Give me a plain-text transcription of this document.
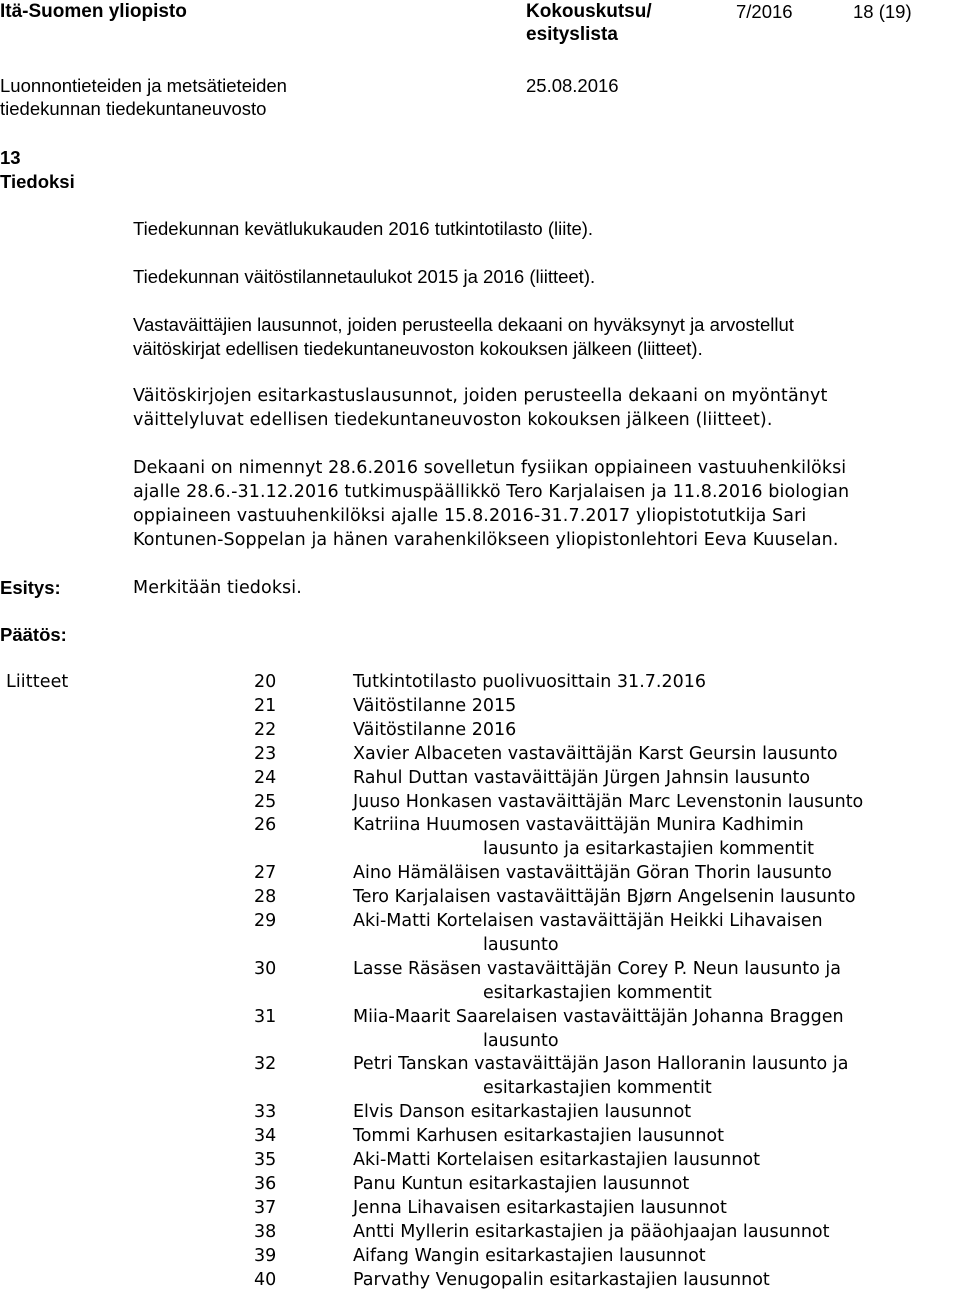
Itä-Suomen yliopisto	Kokouskutsu/
esityslista
7/2016	18 (19)
Luonnontieteiden ja metsätieteiden
tiedekunnan tiedekuntaneuvosto
25.08.2016
13
Tiedoksi
Tiedekunnan kevätlukukauden 2016 tutkintotilasto (liite).
Tiedekunnan väitöstilannetaulukot 2015 ja 2016 (liitteet).
Vastaväittäjien lausunnot, joiden perusteella dekaani on hyväksynyt ja arvostellut
väitöskirjat edellisen tiedekuntaneuvoston kokouksen jälkeen (liitteet).
Väitöskirjojen esitarkastuslausunnot, joiden perusteella dekaani on myöntänyt
väittelyluvat edellisen tiedekuntaneuvoston kokouksen jälkeen (liitteet).
Dekaani on nimennyt 28.6.2016 sovelletun fysiikan oppiaineen vastuuhenkilöksi
ajalle 28.6.-31.12.2016 tutkimuspäällikkö Tero Karjalaisen ja 11.8.2016 biologian
oppiaineen vastuuhenkilöksi ajalle 15.8.2016-31.7.2017 yliopistotutkija Sari
Kontunen-Soppelan ja hänen varahenkilökseen yliopistonlehtori Eeva Kuuselan.
Esitys:	Merkitään tiedoksi.
Päätös:
Liitteet	20	Tutkintotilasto puolivuosittain 31.7.2016
21	Väitöstilanne 2015
22	Väitöstilanne 2016
23	Xavier Albaceten vastaväittäjän Karst Geursin lausunto
24	Rahul Duttan vastaväittäjän Jürgen Jahnsin lausunto
25	Juuso Honkasen vastaväittäjän Marc Levenstonin lausunto
26	Katriina Huumosen vastaväittäjän Munira Kadhimin
lausunto ja esitarkastajien kommentit
27	Aino Hämäläisen vastaväittäjän Göran Thorin lausunto
28	Tero Karjalaisen vastaväittäjän Bjørn Angelsenin lausunto
29	Aki-Matti Kortelaisen vastaväittäjän Heikki Lihavaisen
lausunto
30	Lasse Räsäsen vastaväittäjän Corey P. Neun lausunto ja
esitarkastajien kommentit
31	Miia-Maarit Saarelaisen vastaväittäjän Johanna Braggen
lausunto
32	Petri Tanskan vastaväittäjän Jason Halloranin lausunto ja
esitarkastajien kommentit
33	Elvis Danson esitarkastajien lausunnot
34	Tommi Karhusen esitarkastajien lausunnot
35	Aki-Matti Kortelaisen esitarkastajien lausunnot
36	Panu Kuntun esitarkastajien lausunnot
37	Jenna Lihavaisen esitarkastajien lausunnot
38	Antti Myllerin esitarkastajien ja pääohjaajan lausunnot
39	Aifang Wangin esitarkastajien lausunnot
40	Parvathy Venugopalin esitarkastajien lausunnot
